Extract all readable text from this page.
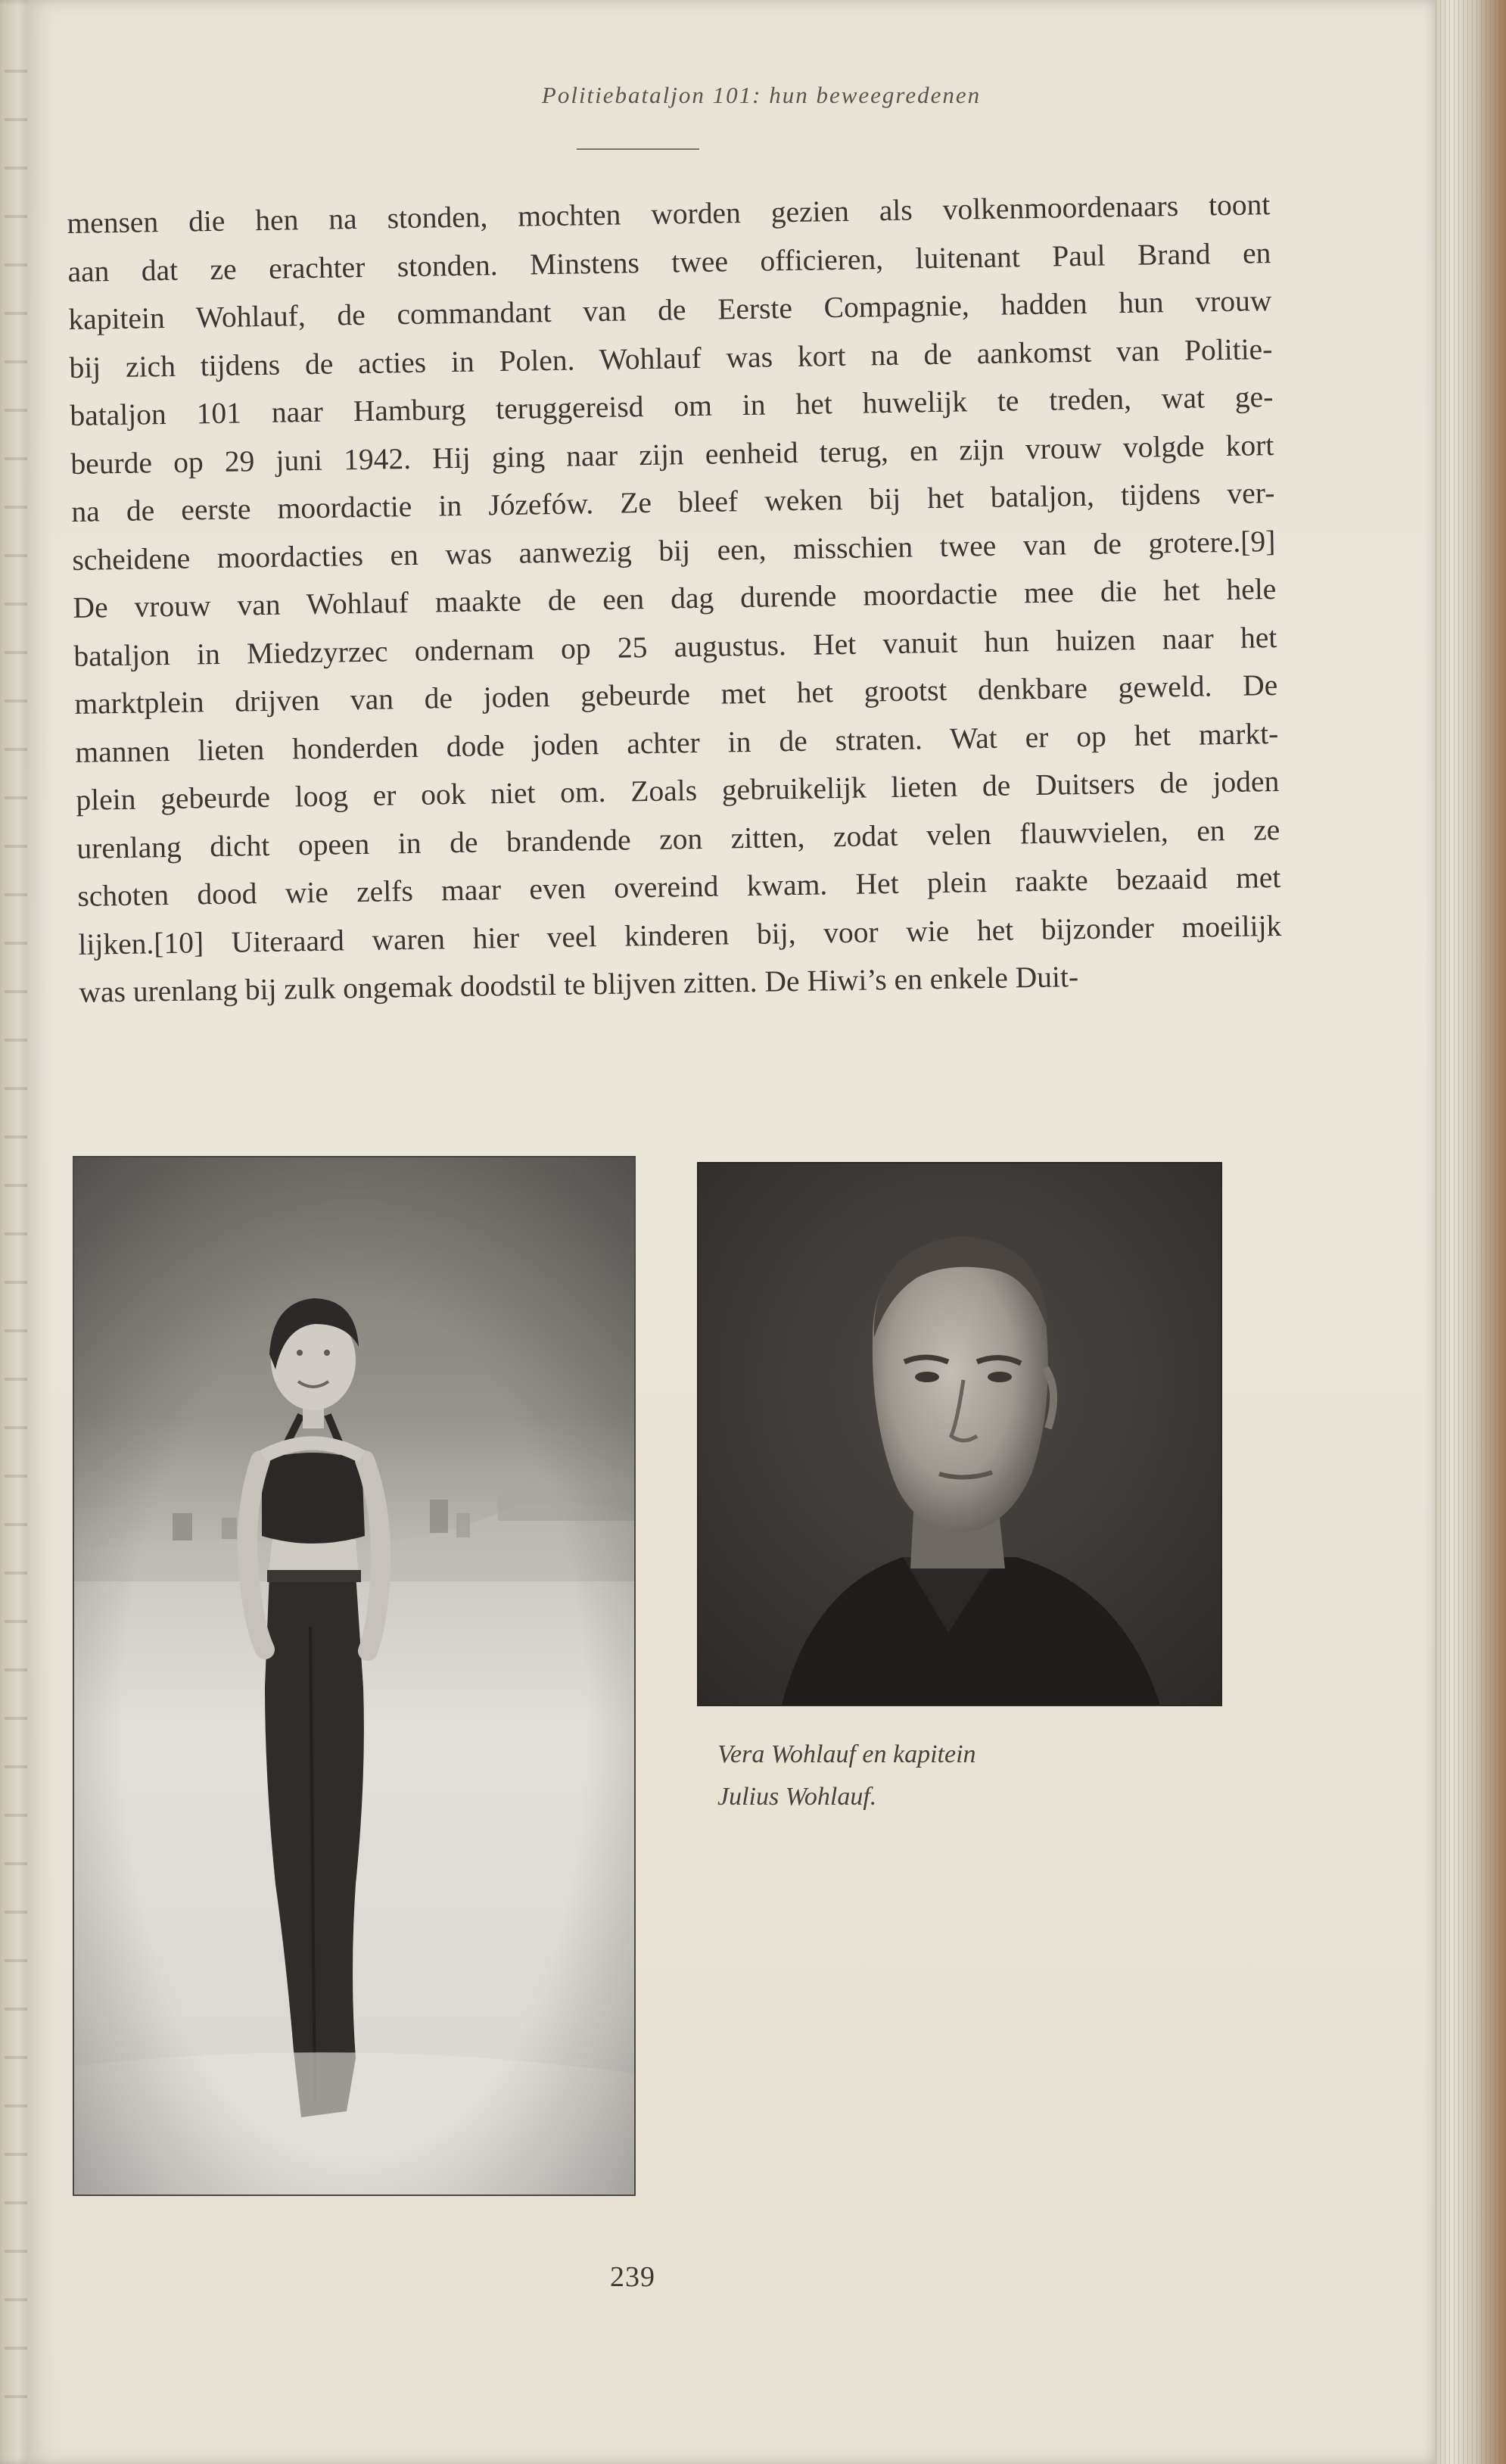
Politiebataljon 101: hun beweegredenen
mensen die hen na stonden, mochten worden gezien als volkenmoordenaars toont
aan dat ze erachter stonden. Minstens twee officieren, luitenant Paul Brand en
kapitein Wohlauf, de commandant van de Eerste Compagnie, hadden hun vrouw
bij zich tijdens de acties in Polen. Wohlauf was kort na de aankomst van Politie-
bataljon 101 naar Hamburg teruggereisd om in het huwelijk te treden, wat ge-
beurde op 29 juni 1942. Hij ging naar zijn eenheid terug, en zijn vrouw volgde kort
na de eerste moordactie in Józefów. Ze bleef weken bij het bataljon, tijdens ver-
scheidene moordacties en was aanwezig bij een, misschien twee van de grotere.[9]
De vrouw van Wohlauf maakte de een dag durende moordactie mee die het hele
bataljon in Miedzyrzec ondernam op 25 augustus. Het vanuit hun huizen naar het
marktplein drijven van de joden gebeurde met het grootst denkbare geweld. De
mannen lieten honderden dode joden achter in de straten. Wat er op het markt-
plein gebeurde loog er ook niet om. Zoals gebruikelijk lieten de Duitsers de joden
urenlang dicht opeen in de brandende zon zitten, zodat velen flauwvielen, en ze
schoten dood wie zelfs maar even overeind kwam. Het plein raakte bezaaid met
lijken.[10] Uiteraard waren hier veel kinderen bij, voor wie het bijzonder moeilijk
was urenlang bij zulk ongemak doodstil te blijven zitten. De Hiwi’s en enkele Duit-
Vera Wohlauf en kapitein
Julius Wohlauf.
239
